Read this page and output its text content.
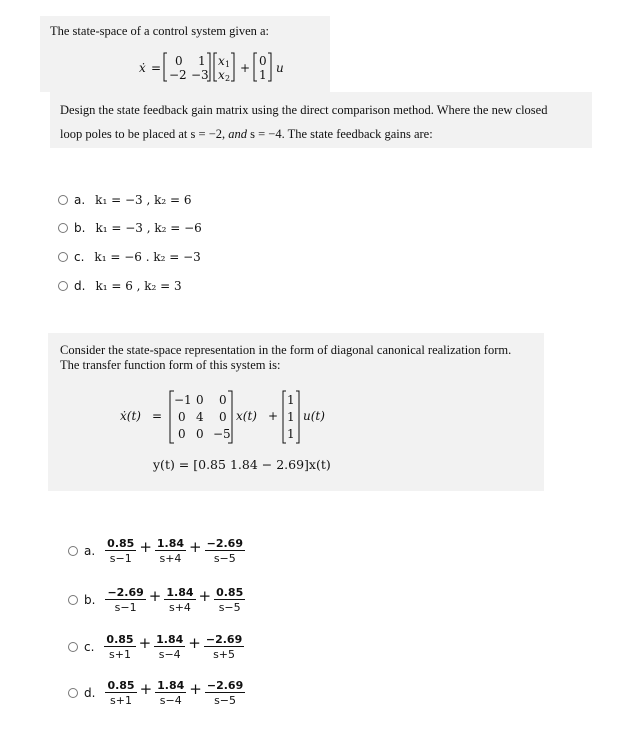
The state-space of a control system given a:
ẋ = 0 1
−2 −3
x 1
x 2
+ 0
1 u
Design the state feedback gain matrix using the direct comparison method. Where the new closed
loop poles to be placed at s = −2, and s = −4. The state feedback gains are:
a. k₁ = −3 , k₂ = 6
b. k₁ = −3 , k₂ = −6
c. k₁ = −6 . k₂ = −3
d. k₁ = 6 , k₂ = 3
Consider the state-space representation in the form of diagonal canonical realization form.
The transfer function form of this system is:
ẋ(t) =
−1 0 0
0 4 0
0 0 −5
x(t) +
1
1
1
u(t)
y(t) = [0.85 1.84 − 2.69]x(t)
a. $\frac{0.85}{s-1} + \frac{1.84}{s+4} + \frac{-2.69}{s-5}$
b. $\frac{-2.69}{s-1} + \frac{1.84}{s+4} + \frac{0.85}{s-5}$
c. $\frac{0.85}{s+1} + \frac{1.84}{s-4} + \frac{-2.69}{s+5}$
d. $\frac{0.85}{s+1} + \frac{1.84}{s-4} + \frac{-2.69}{s-5}$
